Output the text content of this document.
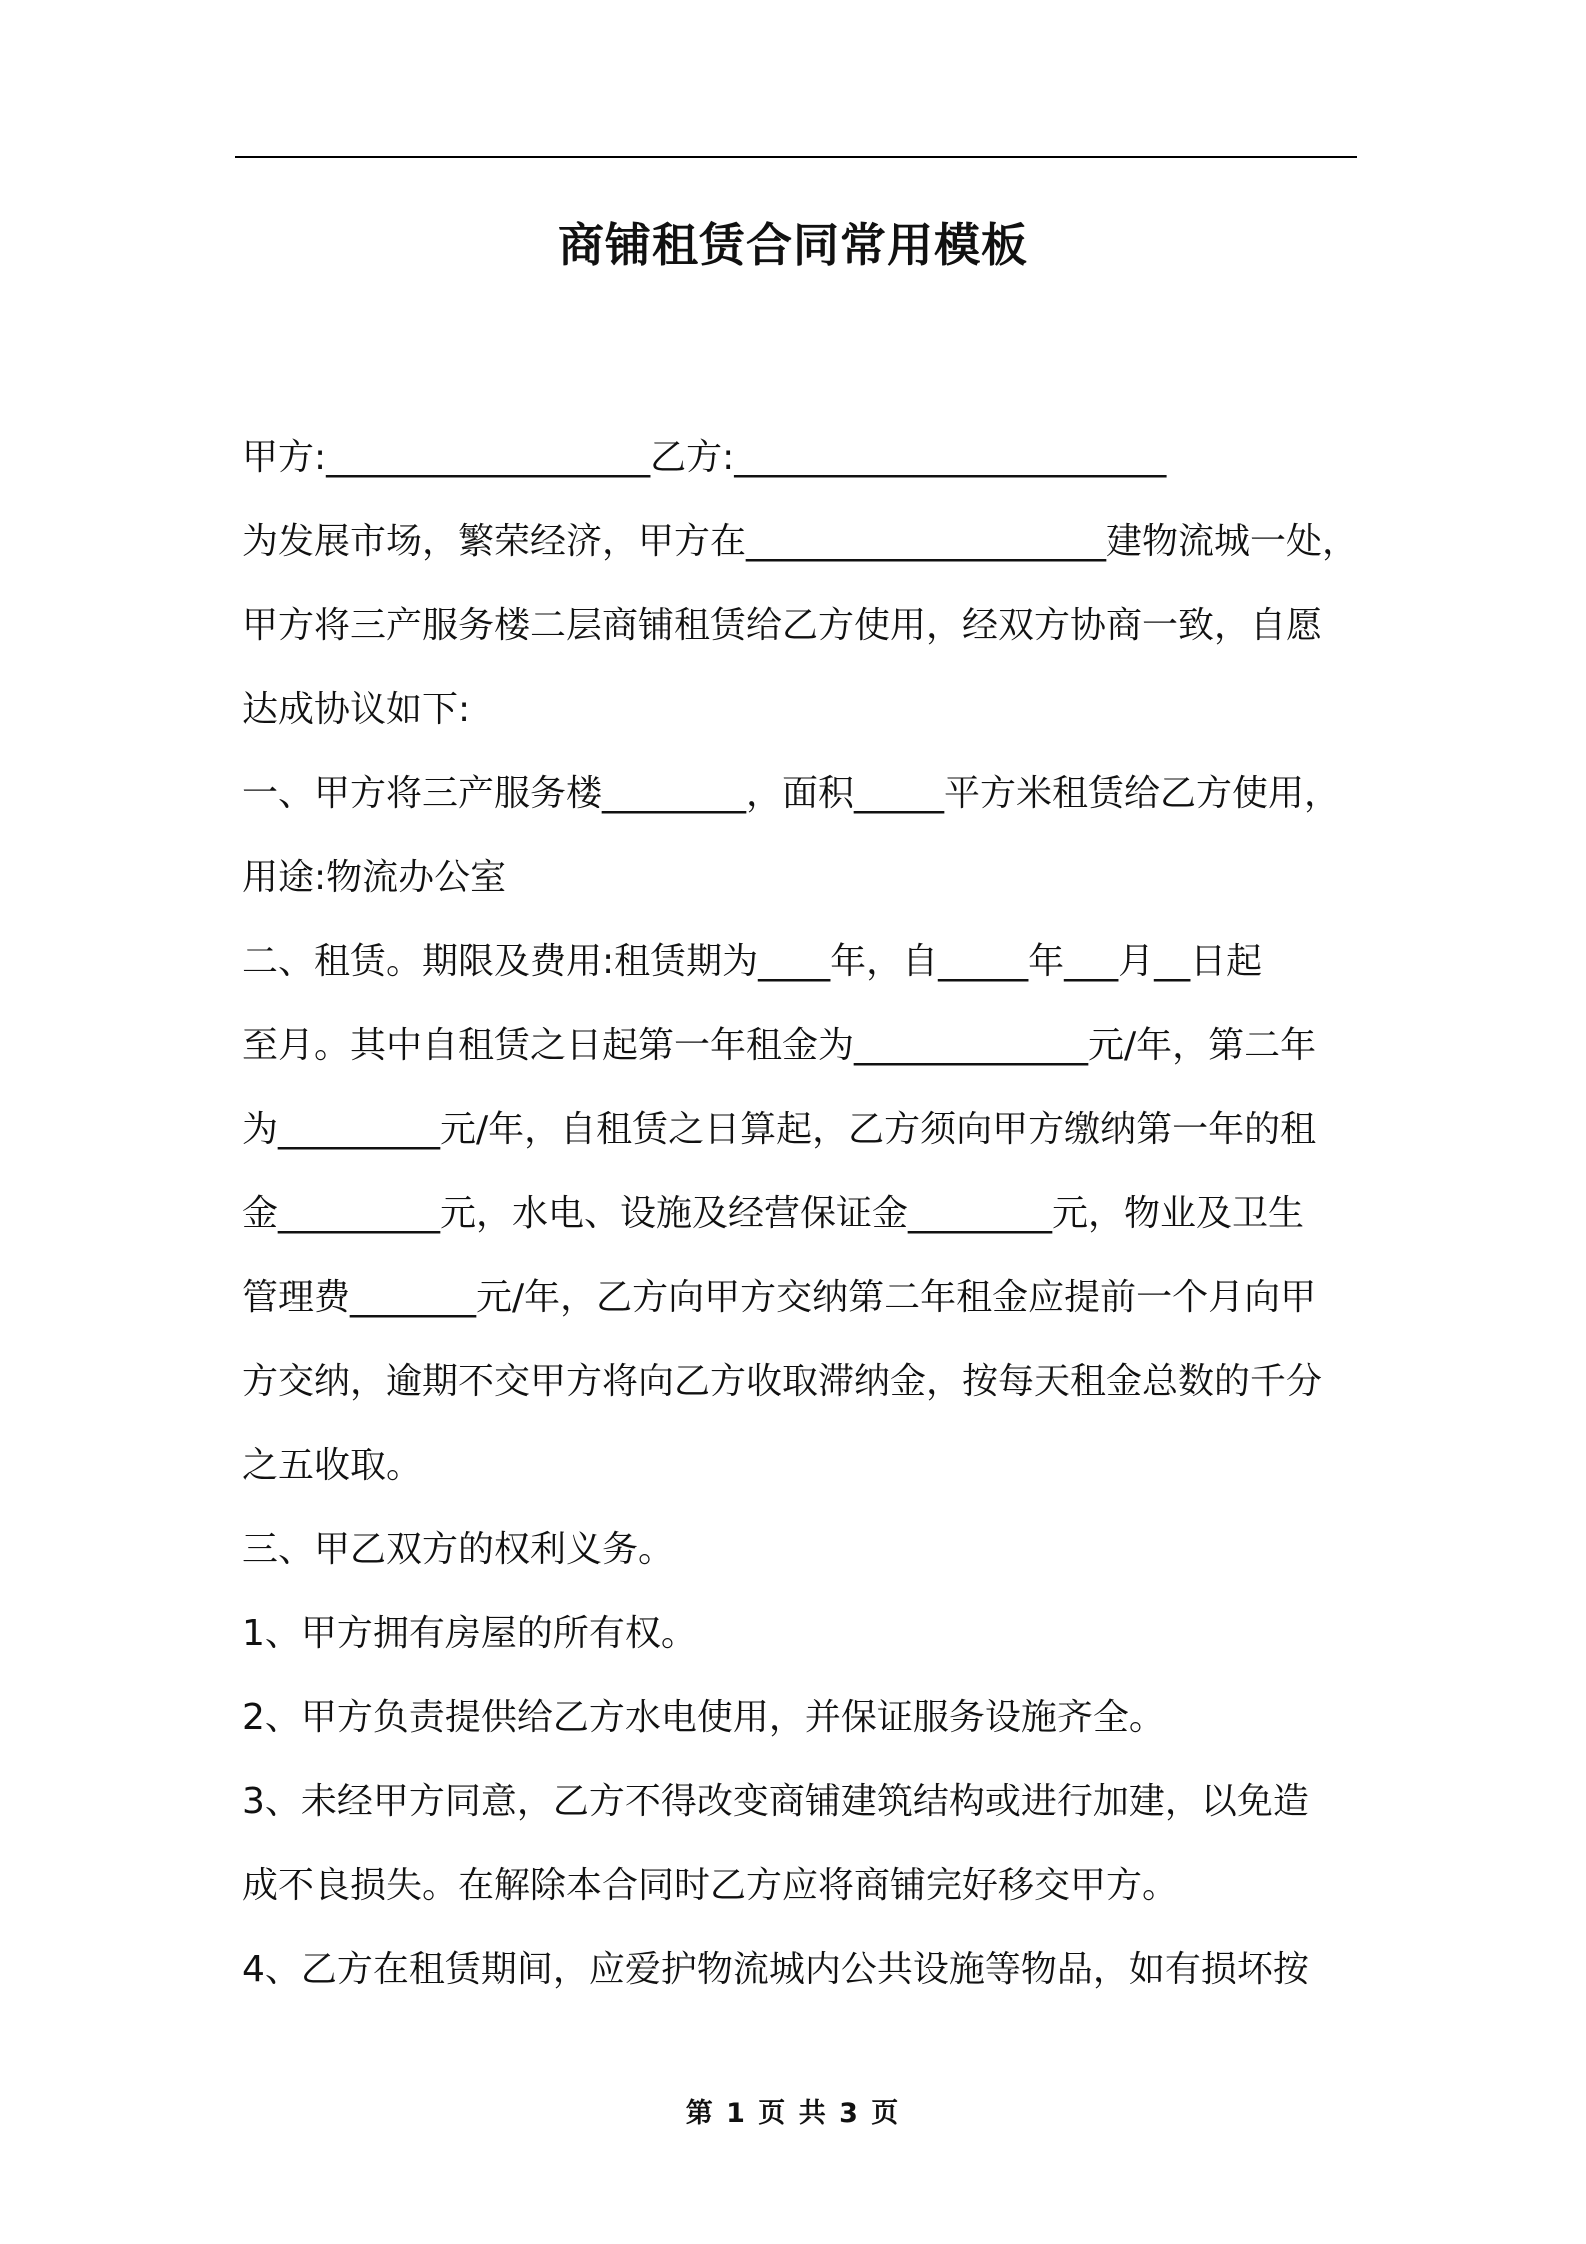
商铺租赁合同常用模板
甲方:__________________乙方:________________________
为发展市场，繁荣经济，甲方在____________________建物流城一处，
甲方将三产服务楼二层商铺租赁给乙方使用，经双方协商一致，自愿
达成协议如下:
一、甲方将三产服务楼________，面积_____平方米租赁给乙方使用，
用途:物流办公室
二、租赁。期限及费用:租赁期为____年，自_____年___月__日起
至月。其中自租赁之日起第一年租金为_____________元/年，第二年
为_________元/年，自租赁之日算起，乙方须向甲方缴纳第一年的租
金_________元，水电、设施及经营保证金________元，物业及卫生
管理费_______元/年，乙方向甲方交纳第二年租金应提前一个月向甲
方交纳，逾期不交甲方将向乙方收取滞纳金，按每天租金总数的千分
之五收取。
三、甲乙双方的权利义务。
1、甲方拥有房屋的所有权。
2、甲方负责提供给乙方水电使用，并保证服务设施齐全。
3、未经甲方同意，乙方不得改变商铺建筑结构或进行加建，以免造
成不良损失。在解除本合同时乙方应将商铺完好移交甲方。
4、乙方在租赁期间，应爱护物流城内公共设施等物品，如有损坏按
第 1 页 共 3 页
